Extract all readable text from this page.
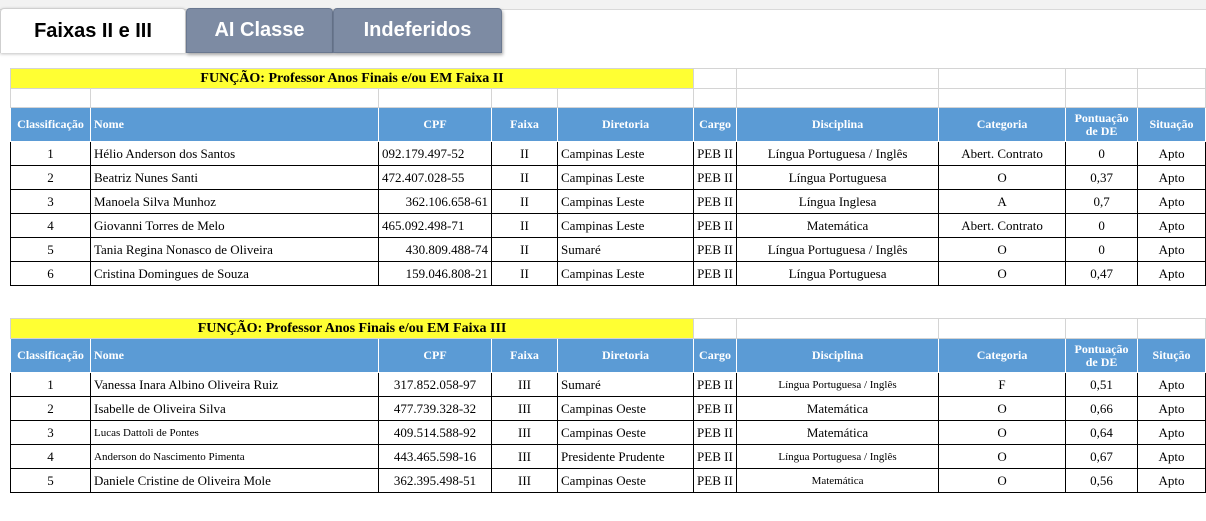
Faixas II e III	AI Classe	Indeferidos
FUNÇÃO: Professor Anos Finais e/ou EM Faixa II									

Classificação	Nome	CPF	Faixa	Diretoria	Cargo	Disciplina	Categoria	Pontuação de DE	Situação
1	Hélio Anderson dos Santos	092.179.497-52	II	Campinas Leste	PEB II	Língua Portuguesa / Inglês	Abert. Contrato	0	Apto
2	Beatriz Nunes Santi	472.407.028-55	II	Campinas Leste	PEB II	Língua Portuguesa	O	0,37	Apto
3	Manoela Silva Munhoz	362.106.658-61	II	Campinas Leste	PEB II	Língua Inglesa	A	0,7	Apto
4	Giovanni Torres de Melo	465.092.498-71	II	Campinas Leste	PEB II	Matemática	Abert. Contrato	0	Apto
5	Tania Regina Nonasco de Oliveira	430.809.488-74	II	Sumaré	PEB II	Língua Portuguesa / Inglês	O	0	Apto
6	Cristina Domingues de Souza	159.046.808-21	II	Campinas Leste	PEB II	Língua Portuguesa	O	0,47	Apto
FUNÇÃO: Professor Anos Finais e/ou EM Faixa III									
Classificação	Nome	CPF	Faixa	Diretoria	Cargo	Disciplina	Categoria	Pontuação de DE	Situção
1	Vanessa Inara Albino Oliveira Ruiz	317.852.058-97	III	Sumaré	PEB II	Língua Portuguesa / Inglês	F	0,51	Apto
2	Isabelle de Oliveira Silva	477.739.328-32	III	Campinas Oeste	PEB II	Matemática	O	0,66	Apto
3	Lucas Dattoli de Pontes	409.514.588-92	III	Campinas Oeste	PEB II	Matemática	O	0,64	Apto
4	Anderson do Nascimento Pimenta	443.465.598-16	III	Presidente Prudente	PEB II	Língua Portuguesa / Inglês	O	0,67	Apto
5	Daniele Cristine de Oliveira Mole	362.395.498-51	III	Campinas Oeste	PEB II	Matemática	O	0,56	Apto
